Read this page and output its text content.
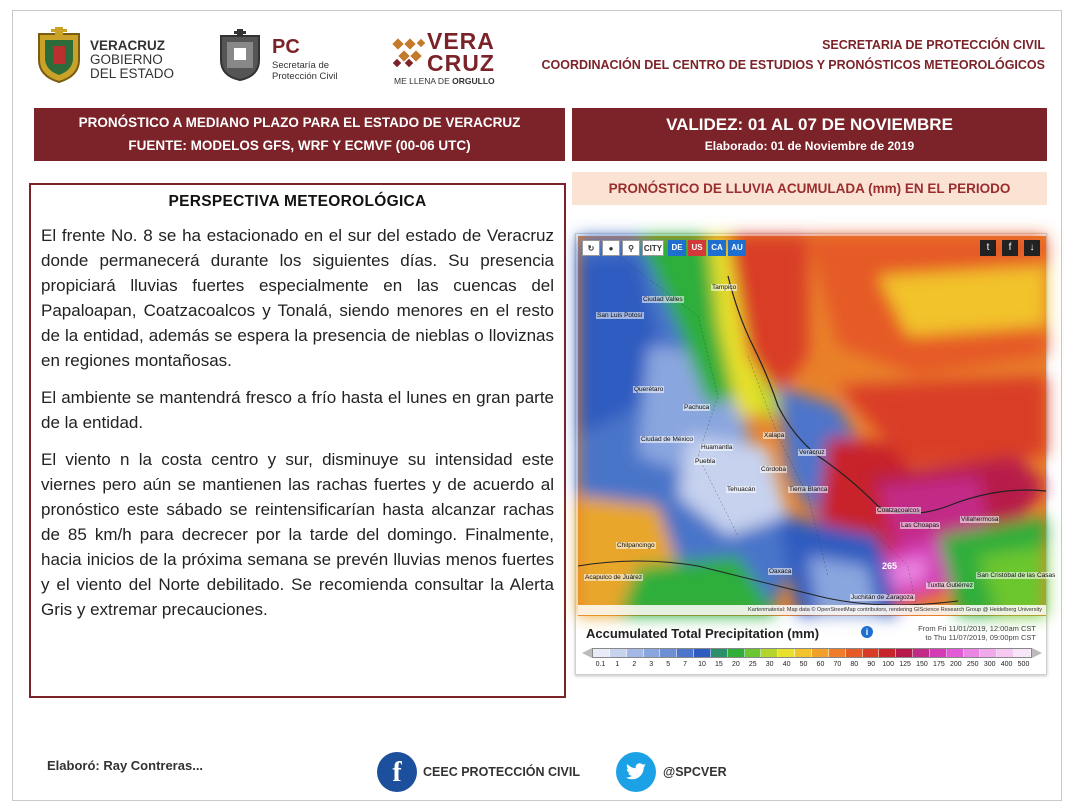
VERACRUZ
GOBIERNO
DEL ESTADO
PC
Secretaría de
Protección Civil
VERA
CRUZ
ME LLENA DE ORGULLO
SECRETARIA DE PROTECCIÓN CIVIL
COORDINACIÓN DEL CENTRO DE ESTUDIOS Y PRONÓSTICOS METEOROLÓGICOS
PRONÓSTICO A MEDIANO PLAZO PARA EL ESTADO DE VERACRUZ
FUENTE: MODELOS GFS, WRF Y ECMVF (00-06 UTC)
VALIDEZ: 01 AL 07 DE NOVIEMBRE
Elaborado: 01 de Noviembre de 2019
PERSPECTIVA METEOROLÓGICA

El frente No. 8 se ha estacionado en el sur del estado de Veracruz donde permanecerá durante los siguientes días. Su presencia propiciará lluvias fuertes especialmente en las cuencas del Papaloapan, Coatzacoalcos y Tonalá, siendo menores en el resto de la entidad, además se espera la presencia de nieblas o lloviznas en regiones montañosas.

El ambiente se mantendrá fresco a frío hasta el lunes en gran parte de la entidad.

El viento n la costa centro y sur, disminuye su intensidad este viernes pero aún se mantienen las rachas fuertes y de acuerdo al pronóstico este sábado se reintensificarían hasta alcanzar rachas de 85 km/h para decrecer por la tarde del domingo. Finalmente, hacia inicios de la próxima semana se prevén lluvias menos fuertes y el viento del Norte debilitado. Se recomienda consultar la Alerta Gris y extremar precauciones.

PRONÓSTICO DE LLUVIA ACUMULADA (mm) EN EL PERIODO
↻	●	⚲	CITY	DE	US	CA	AU	t	f	↓
Tampico
Ciudad Valles
San Luis Potosí
Querétaro
Pachuca
Xalapa
Ciudad de México
Puebla
Córdoba
Veracruz
Tierra Blanca
Oaxaca
Coatzacoalcos
Las Choapas
Villahermosa
Acapulco de Juárez
Chilpancingo
Juchitán de Zaragoza
Tuxtla Gutiérrez
San Cristóbal de las Casas
Tehuacán
Huamantla
265
Kartenmaterial: Map data © OpenStreetMap contributors, rendering GIScience Research Group @ Heidelberg University
Accumulated Total Precipitation (mm)	i	From Fri 11/01/2019, 12:00am CST
to Thu 11/07/2019, 09:00pm CST
0.1	1	2	3	5	7	10	15	20	25	30	40	50	60	70	80	90	100 125 150 175 200 250 300 400 500
Elaboró: Ray Contreras...	f	CEEC PROTECCIÓN CIVIL	@SPCVER
